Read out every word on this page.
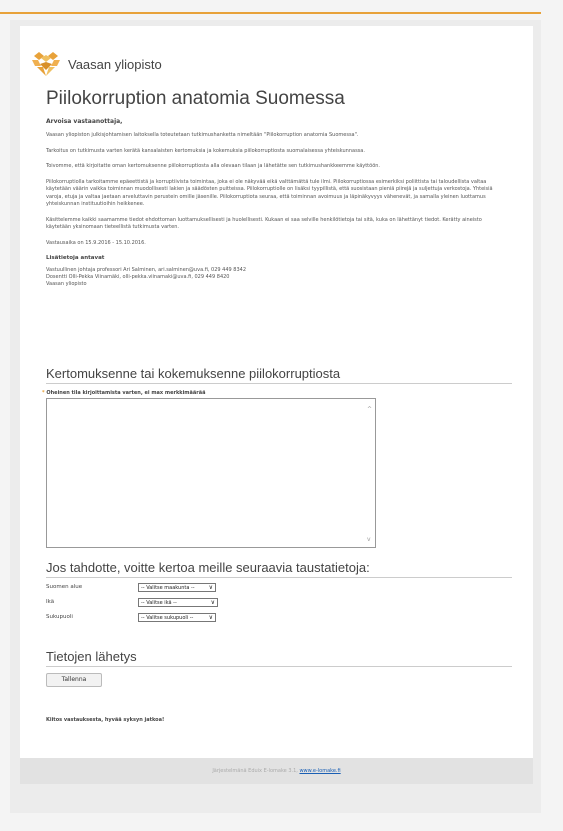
Vaasan yliopisto
Piilokorruption anatomia Suomessa
Arvoisa vastaanottaja,

Vaasan yliopiston julkisjohtamisen laitoksella toteutetaan tutkimushanketta nimeltään "Piilokorruption anatomia Suomessa".

Tarkoitus on tutkimusta varten kerätä kansalaisten kertomuksia ja kokemuksia piilokorruptiosta suomalaisessa yhteiskunnassa.

Toivomme, että kirjoitatte oman kertomuksenne piilokorruptiosta alla olevaan tilaan ja lähetätte sen tutkimushankkeemme käyttöön.

Piilokorruptiolla tarkoitamme epäeettistä ja korruptiivista toimintaa, joka ei ole näkyvää eikä valttämättä tule ilmi. Piilokorruptiossa esimerkiksi poliittista tai taloudellista valtaa käytetään väärin vaikka toiminnan muodollisesti lakien ja säädösten puitteissa. Piilokorruptiolle on lisäksi tyypillistä, että suosistaan pieniä piirejä ja suljettuja verkostoja. Yhteisiä varoja, etuja ja valtaa jaetaan arveluttavin perustein omille jäsenille. Piilokorruptiota seuraa, että toiminnan avoimuus ja läpinäkyvyys vähenevät, ja samalla yleinen luottamus yhteiskunnan instituutioihin heikkenee.

Käsittelemme kaikki saamamme tiedot ehdottoman luottamuksellisesti ja huolellisesti. Kukaan ei saa selville henkilötietoja tai sitä, kuka on lähettänyt tiedot. Kerätty aineisto käytetään yksinomaan tieteellistä tutkimusta varten.

Vastausaika on 15.9.2016 - 15.10.2016.

Lisätietoja antavat
Vastuullinen johtaja professori Ari Salminen, ari.salminen@uva.fi, 029 449 8342
Dosentti Olli-Pekka Viinamäki, olli-pekka.viinamaki@uva.fi, 029 449 8420
Vaasan yliopisto
Kertomuksenne tai kokemuksenne piilokorruptiosta
* Oheinen tila kirjoittamista varten, ei max merkkimäärää
^
v
Jos tahdotte, voitte kertoa meille seuraavia taustatietoja:
Suomen alue	-- Valitse maakunta -- ∨
Ikä	-- Valitse ikä --	∨
Sukupuoli	-- Valitse sukupuoli --	∨
Tietojen lähetys
Tallenna
Kiitos vastauksesta, hyvää syksyn jatkoa!
Järjestelmänä Eduix E-lomake 3.1, www.e-lomake.fi
